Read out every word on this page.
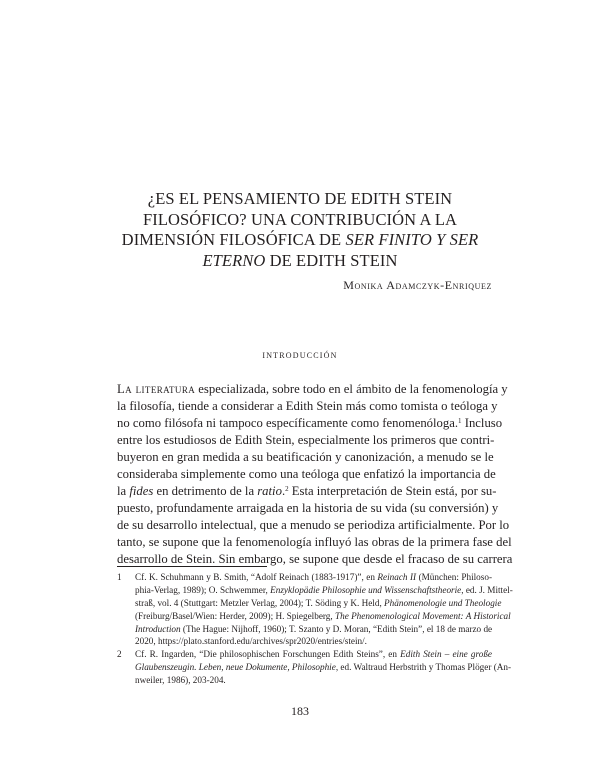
¿ES EL PENSAMIENTO DE EDITH STEIN
FILOSÓFICO? UNA CONTRIBUCIÓN A LA
DIMENSIÓN FILOSÓFICA DE SER FINITO Y SER
ETERNO DE EDITH STEIN
Monika Adamczyk-Enriquez
introducción
La literatura especializada, sobre todo en el ámbito de la fenomenología y
la filosofía, tiende a considerar a Edith Stein más como tomista o teóloga y
no como filósofa ni tampoco específicamente como fenomenóloga.$^1$ Incluso
entre los estudiosos de Edith Stein, especialmente los primeros que contri-
buyeron en gran medida a su beatificación y canonización, a menudo se le
consideraba simplemente como una teóloga que enfatizó la importancia de
la fides en detrimento de la ratio.$^2$ Esta interpretación de Stein está, por su-
puesto, profundamente arraigada en la historia de su vida (su conversión) y
de su desarrollo intelectual, que a menudo se periodiza artificialmente. Por lo
tanto, se supone que la fenomenología influyó las obras de la primera fase del
desarrollo de Stein. Sin embargo, se supone que desde el fracaso de su carrera
1 Cf. K. Schuhmann y B. Smith, “Adolf Reinach (1883-1917)”, en Reinach II (München: Philoso-
phia-Verlag, 1989); O. Schwemmer, Enzyklopädie Philosophie und Wissenschaftstheorie, ed. J. Mittel-
straß, vol. 4 (Stuttgart: Metzler Verlag, 2004); T. Söding y K. Held, Phänomenologie und Theologie
(Freiburg/Basel/Wien: Herder, 2009); H. Spiegelberg, The Phenomenological Movement: A Historical
Introduction (The Hague: Nijhoff, 1960); T. Szanto y D. Moran, “Edith Stein”, el 18 de marzo de
2020, https://plato.stanford.edu/archives/spr2020/entries/stein/.
2 Cf. R. Ingarden, “Die philosophischen Forschungen Edith Steins”, en Edith Stein – eine große
Glaubenszeugin. Leben, neue Dokumente, Philosophie, ed. Waltraud Herbstrith y Thomas Plöger (An-
nweiler, 1986), 203-204.
183
